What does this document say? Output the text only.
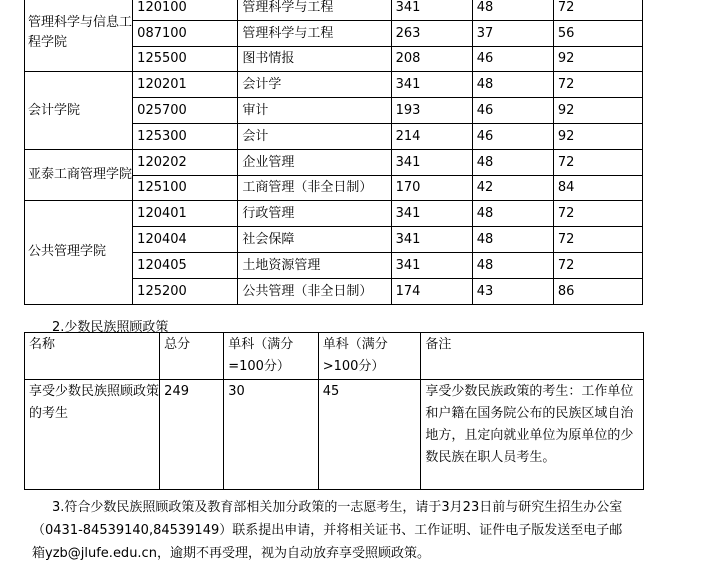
管理科学与信息工程学院	120100	管理科学与工程	341	48	72
	087100	管理科学与工程	263	37	56
	125500	图书情报	208	46	92
会计学院	120201	会计学	341	48	72
	025700	审计	193	46	92
	125300	会计	214	46	92
亚泰工商管理学院	120202	企业管理	341	48	72
	125100	工商管理（非全日制）	170	42	84
公共管理学院	120401	行政管理	341	48	72
	120404	社会保障	341	48	72
	120405	土地资源管理	341	48	72
	125200	公共管理（非全日制）	174	43	86
2.少数民族照顾政策
名称	总分	单科（满分=100分）	单科（满分>100分）	备注
享受少数民族照顾政策的考生	249	30	45	享受少数民族政策的考生：工作单位和户籍在国务院公布的民族区域自治地方，且定向就业单位为原单位的少数民族在职人员考生。

3.符合少数民族照顾政策及教育部相关加分政策的一志愿考生，请于3月23日前与研究生招生办公室

（0431-84539140,84539149）联系提出申请，并将相关证书、工作证明、证件电子版发送至电子邮

箱yzb@jlufe.edu.cn，逾期不再受理，视为自动放弃享受照顾政策。
